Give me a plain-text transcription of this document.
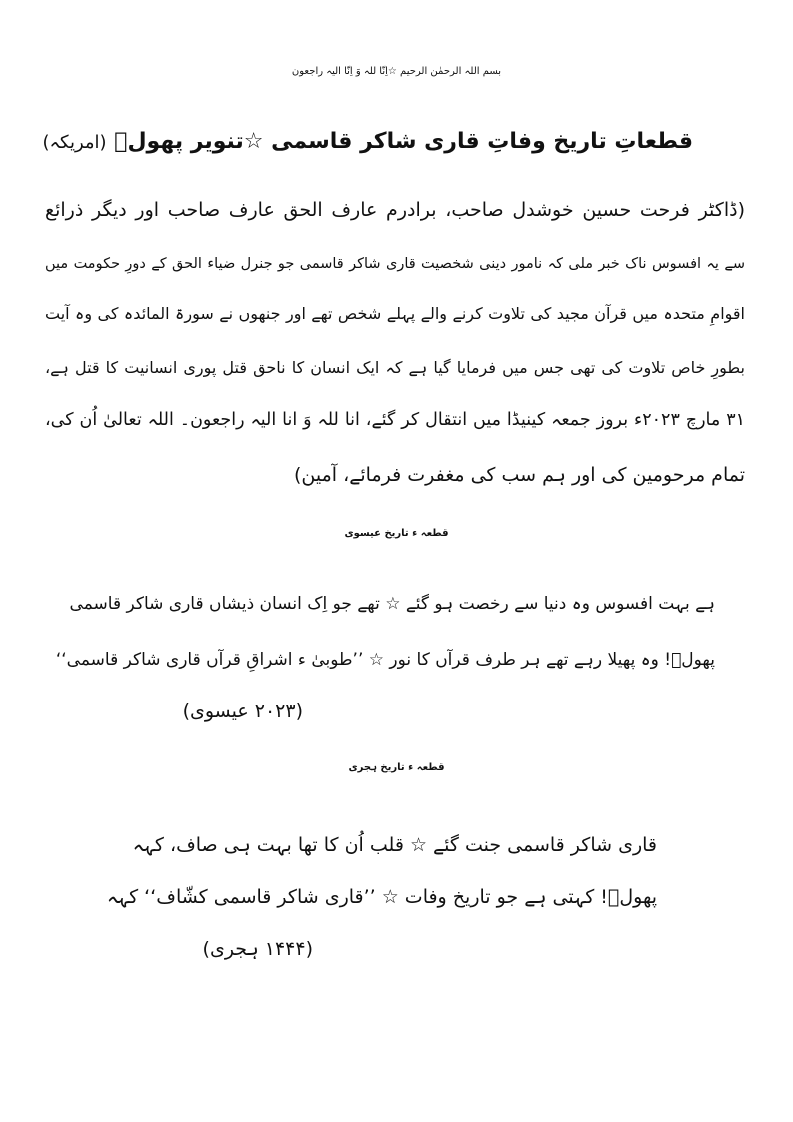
بسم اللہ الرحمٰن الرحیم ☆اِنّا للہ وَ اِنّا الیہ راجعون
قطعاتِ تاریخ وفاتِ قاری شاکر قاسمی ☆تنویر پھولؔ (امریکہ)
(ڈاکٹر فرحت حسین خوشدل صاحب، برادرم عارف الحق عارف صاحب اور دیگر ذرائع
سے یہ افسوس ناک خبر ملی کہ نامور دینی شخصیت قاری شاکر قاسمی جو جنرل ضیاء الحق کے دورِ حکومت میں
اقوامِ متحدہ میں قرآن مجید کی تلاوت کرنے والے پہلے شخص تھے اور جنھوں نے سورۃ المائدہ کی وہ آیت
بطورِ خاص تلاوت کی تھی جس میں فرمایا گیا ہے کہ ایک انسان کا ناحق قتل پوری انسانیت کا قتل ہے،
۳۱ مارچ ۲۰۲۳ء بروز جمعہ کینیڈا میں انتقال کر گئے، انا للہ وَ انا الیہ راجعون۔ اللہ تعالیٰ اُن کی،
تمام مرحومین کی اور ہم سب کی مغفرت فرمائے، آمین)
قطعہ ء تاریخ عیسوی
ہے بہت افسوس وہ دنیا سے رخصت ہو گئے ☆ تھے جو اِک انسان ذیشاں قاری شاکر قاسمی
پھولؔ! وہ پھیلا رہے تھے ہر طرف قرآں کا نور ☆ ’’طوبیٰ ء اشراقِ قرآں قاری شاکر قاسمی‘‘
(۲۰۲۳ عیسوی)
قطعہ ء تاریخ ہجری
قاری شاکر قاسمی جنت گئے ☆ قلب اُن کا تھا بہت ہی صاف، کہہ
پھولؔ! کہتی ہے جو تاریخ وفات ☆ ’’قاری شاکر قاسمی کشّاف‘‘ کہہ
(۱۴۴۴ ہجری)
